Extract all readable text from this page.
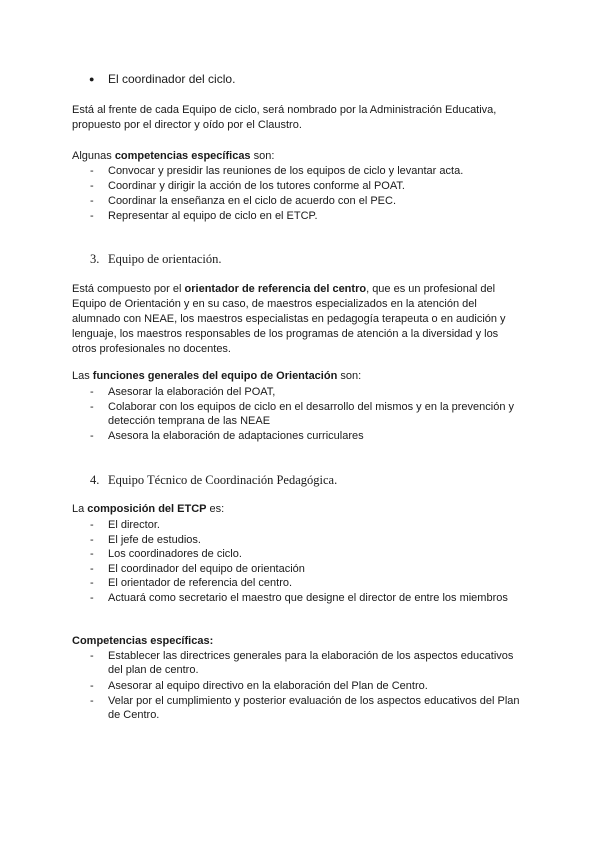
● El coordinador del ciclo.
Está al frente de cada Equipo de ciclo, será nombrado por la Administración Educativa,
propuesto por el director y oído por el Claustro.
Algunas competencias específicas son:
- Convocar y presidir las reuniones de los equipos de ciclo y levantar acta.
- Coordinar y dirigir la acción de los tutores conforme al POAT.
- Coordinar la enseñanza en el ciclo de acuerdo con el PEC.
- Representar al equipo de ciclo en el ETCP.
3. Equipo de orientación.
Está compuesto por el orientador de referencia del centro, que es un profesional del
Equipo de Orientación y en su caso, de maestros especializados en la atención del
alumnado con NEAE, los maestros especialistas en pedagogía terapeuta o en audición y
lenguaje, los maestros responsables de los programas de atención a la diversidad y los
otros profesionales no docentes.
Las funciones generales del equipo de Orientación son:
- Asesorar la elaboración del POAT,
- Colaborar con los equipos de ciclo en el desarrollo del mismos y en la prevención y
detección temprana de las NEAE
- Asesora la elaboración de adaptaciones curriculares
4. Equipo Técnico de Coordinación Pedagógica.
La composición del ETCP es:
- El director.
- El jefe de estudios.
- Los coordinadores de ciclo.
- El coordinador del equipo de orientación
- El orientador de referencia del centro.
- Actuará como secretario el maestro que designe el director de entre los miembros
Competencias específicas:
- Establecer las directrices generales para la elaboración de los aspectos educativos
del plan de centro.
- Asesorar al equipo directivo en la elaboración del Plan de Centro.
- Velar por el cumplimiento y posterior evaluación de los aspectos educativos del Plan
de Centro.
